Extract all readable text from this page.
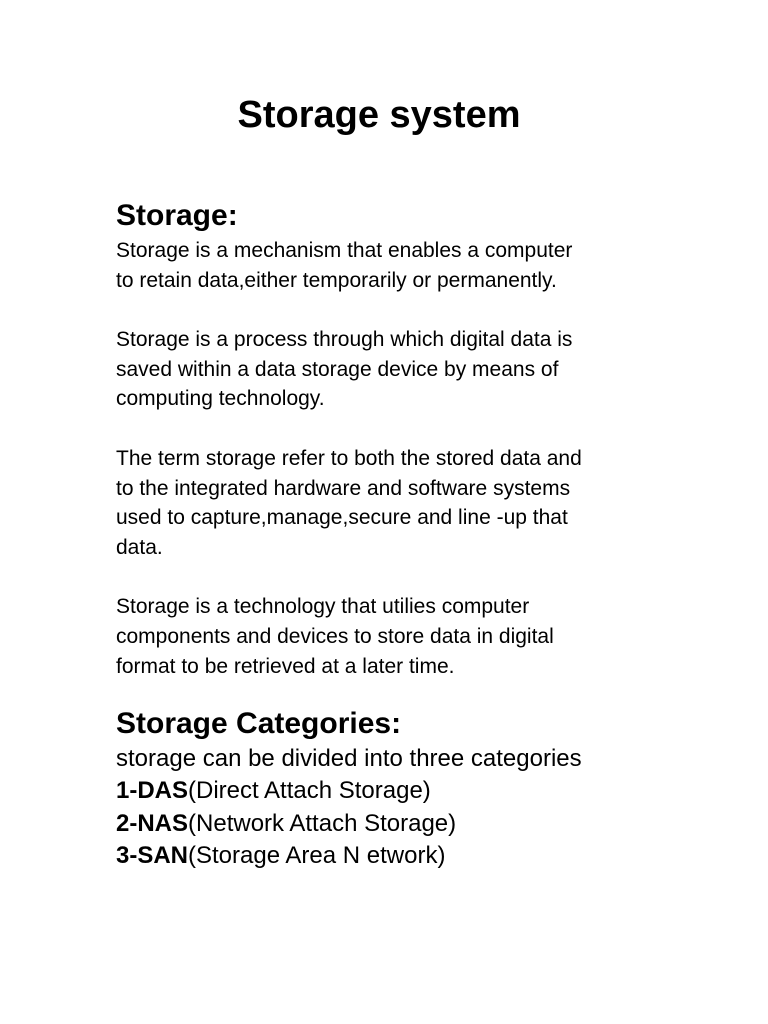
Storage system
Storage:

Storage is a mechanism that enables a computer
to retain data,either temporarily or permanently.

Storage is a process through which digital data is
saved within a data storage device by means of
computing technology.

The term storage refer to both the stored data and
to the integrated hardware and software systems
used to capture,manage,secure and line -up that
data.

Storage is a technology that utilies computer
components and devices to store data in digital
format to be retrieved at a later time.

Storage Categories:

storage can be divided into three categories

1-DAS(Direct Attach Storage)
2-NAS(Network Attach Storage)
3-SAN(Storage Area N etwork)
